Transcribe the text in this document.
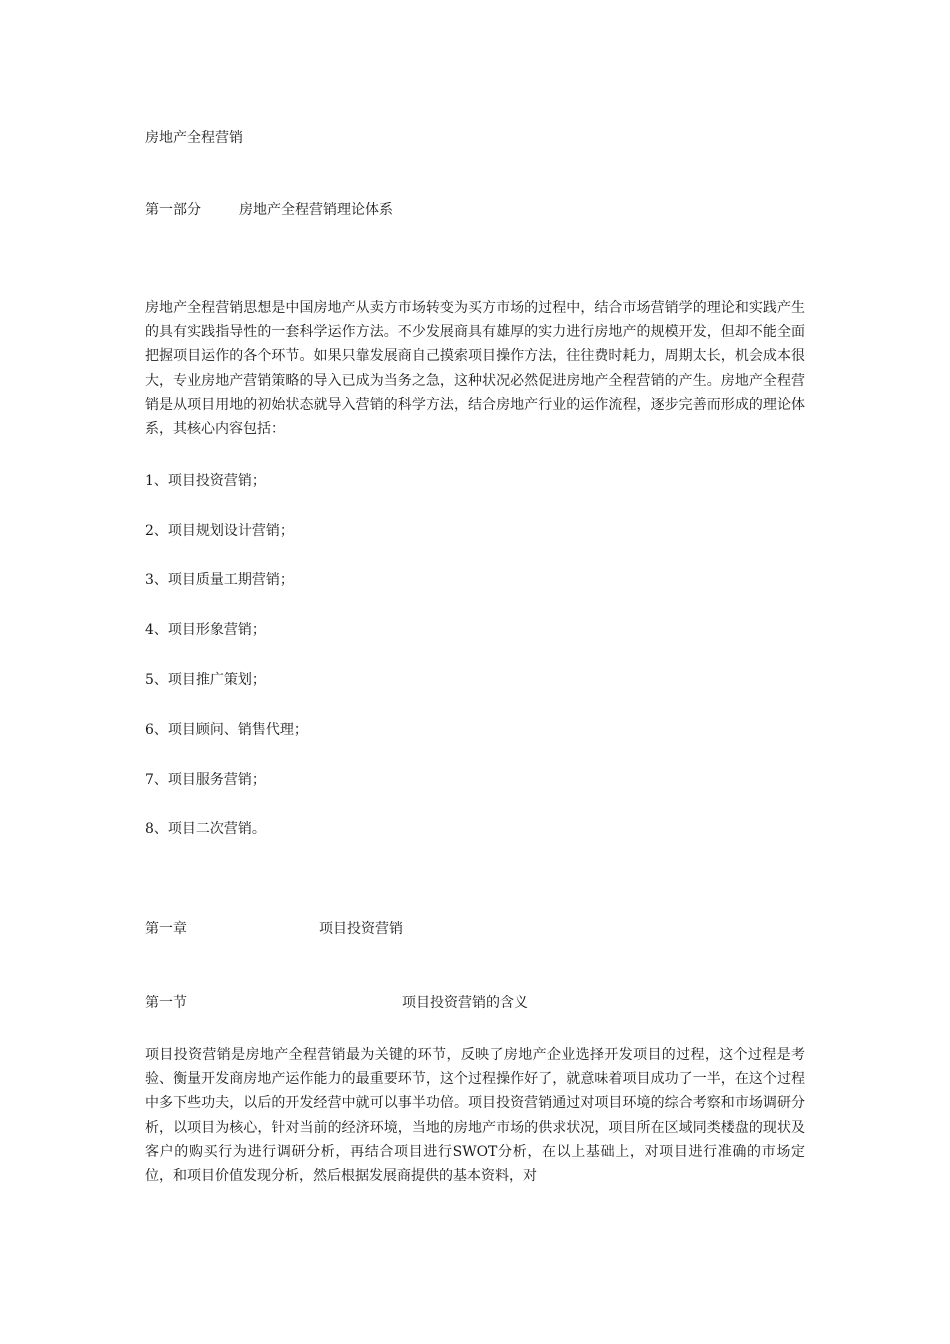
房地产全程营销
第一部分	房地产全程营销理论体系

房地产全程营销思想是中国房地产从卖方市场转变为买方市场的过程中，结合市场营销学的理论和实践产生的具有实践指导性的一套科学运作方法。不少发展商具有雄厚的实力进行房地产的规模开发，但却不能全面把握项目运作的各个环节。如果只靠发展商自己摸索项目操作方法，往往费时耗力，周期太长，机会成本很大，专业房地产营销策略的导入已成为当务之急，这种状况必然促进房地产全程营销的产生。房地产全程营销是从项目用地的初始状态就导入营销的科学方法，结合房地产行业的运作流程，逐步完善而形成的理论体系，其核心内容包括：

1、项目投资营销；
2、项目规划设计营销；
3、项目质量工期营销；
4、项目形象营销；
5、项目推广策划；
6、项目顾问、销售代理；
7、项目服务营销；
8、项目二次营销。
第一章	项目投资营销
第一节	项目投资营销的含义

项目投资营销是房地产全程营销最为关键的环节，反映了房地产企业选择开发项目的过程，这个过程是考验、衡量开发商房地产运作能力的最重要环节，这个过程操作好了，就意味着项目成功了一半，在这个过程中多下些功夫，以后的开发经营中就可以事半功倍。项目投资营销通过对项目环境的综合考察和市场调研分析，以项目为核心，针对当前的经济环境，当地的房地产市场的供求状况，项目所在区域同类楼盘的现状及客户的购买行为进行调研分析，再结合项目进行SWOT分析，在以上基础上，对项目进行准确的市场定位，和项目价值发现分析，然后根据发展商提供的基本资料，对
